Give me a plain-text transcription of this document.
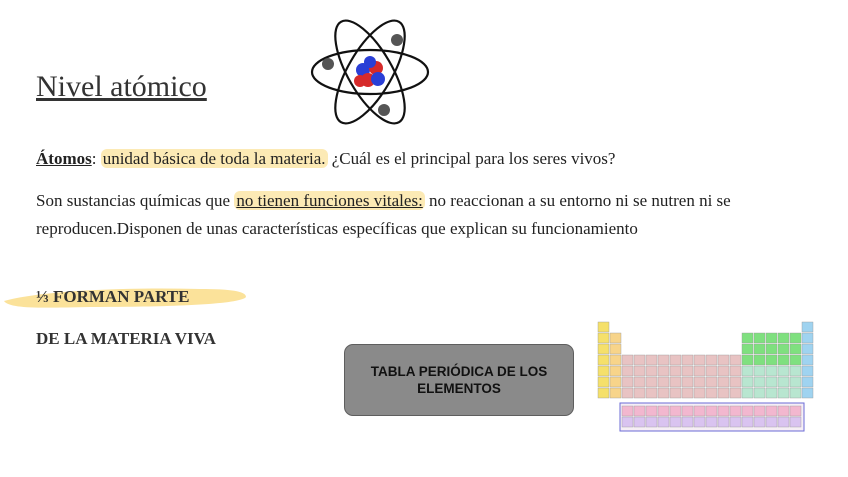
Nivel atómico
Átomos: unidad básica de toda la materia. ¿Cuál es el principal para los seres vivos?
Son sustancias químicas que no tienen funciones vitales: no reaccionan a su entorno ni se nutren ni se reproducen.Disponen de unas características específicas que explican su funcionamiento
⅓ FORMAN PARTE
DE LA MATERIA VIVA
TABLA PERIÓDICA DE LOS ELEMENTOS
